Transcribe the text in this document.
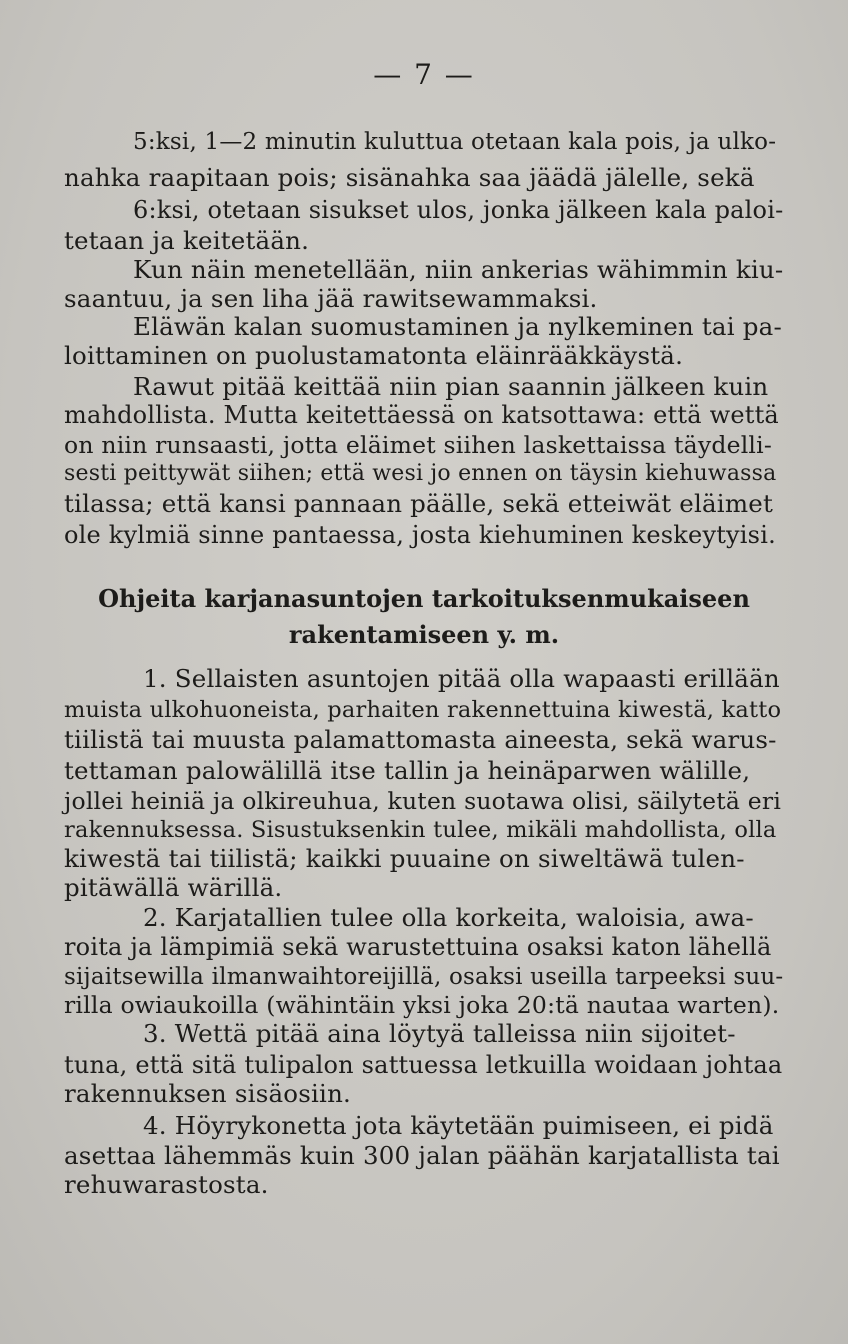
— 7 —
5:ksi, 1—2 minutin kuluttua otetaan kala pois, ja ulko-
nahka raapitaan pois; sisänahka saa jäädä jälelle, sekä
6:ksi, otetaan sisukset ulos, jonka jälkeen kala paloi-
tetaan ja keitetään.
Kun näin menetellään, niin ankerias wähimmin kiu-
saantuu, ja sen liha jää rawitsewammaksi.
Eläwän kalan suomustaminen ja nylkeminen tai pa-
loittaminen on puolustamatonta eläinrääkkäystä.
Rawut pitää keittää niin pian saannin jälkeen kuin
mahdollista. Mutta keitettäessä on katsottawa: että wettä
on niin runsaasti, jotta eläimet siihen laskettaissa täydelli-
sesti peittywät siihen; että wesi jo ennen on täysin kiehuwassa
tilassa; että kansi pannaan päälle, sekä etteiwät eläimet
ole kylmiä sinne pantaessa, josta kiehuminen keskeytyisi.
Ohjeita karjanasuntojen tarkoituksenmukaiseen
rakentamiseen y. m.
1. Sellaisten asuntojen pitää olla wapaasti erillään
muista ulkohuoneista, parhaiten rakennettuina kiwestä, katto
tiilistä tai muusta palamattomasta aineesta, sekä warus-
tettaman palowälillä itse tallin ja heinäparwen wälille,
jollei heiniä ja olkireuhua, kuten suotawa olisi, säilytetä eri
rakennuksessa. Sisustuksenkin tulee, mikäli mahdollista, olla
kiwestä tai tiilistä; kaikki puuaine on siweltäwä tulen-
pitäwällä wärillä.
2. Karjatallien tulee olla korkeita, waloisia, awa-
roita ja lämpimiä sekä warustettuina osaksi katon lähellä
sijaitsewilla ilmanwaihtoreijillä, osaksi useilla tarpeeksi suu-
rilla owiaukoilla (wähintäin yksi joka 20:tä nautaa warten).
3. Wettä pitää aina löytyä talleissa niin sijoitet-
tuna, että sitä tulipalon sattuessa letkuilla woidaan johtaa
rakennuksen sisäosiin.
4. Höyrykonetta jota käytetään puimiseen, ei pidä
asettaa lähemmäs kuin 300 jalan päähän karjatallista tai
rehuwarastosta.
